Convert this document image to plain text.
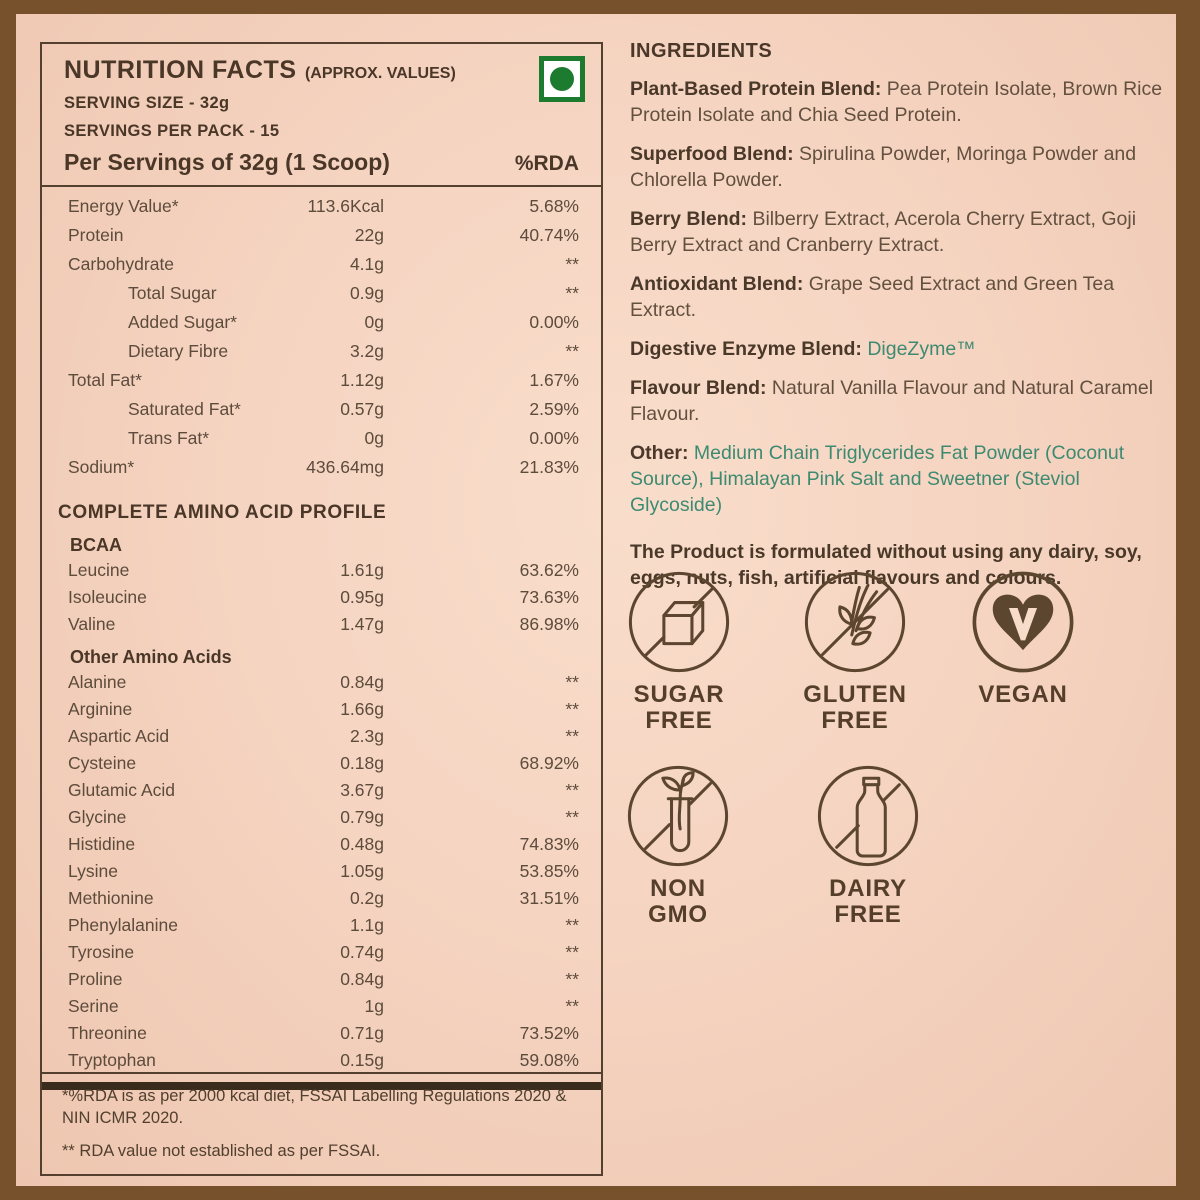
NUTRITION FACTS (APPROX. VALUES)
SERVING SIZE - 32g
SERVINGS PER PACK - 15
Per Servings of 32g (1 Scoop)	%RDA
Energy Value*	113.6Kcal	5.68%
Protein	22g	40.74%
Carbohydrate	4.1g	**
Total Sugar	0.9g	**
Added Sugar*	0g	0.00%
Dietary Fibre	3.2g	**
Total Fat*	1.12g	1.67%
Saturated Fat*	0.57g	2.59%
Trans Fat*	0g	0.00%
Sodium*	436.64mg	21.83%
COMPLETE AMINO ACID PROFILE
BCAA
Leucine	1.61g	63.62%
Isoleucine	0.95g	73.63%
Valine	1.47g	86.98%
Other Amino Acids
Alanine	0.84g	**
Arginine	1.66g	**
Aspartic Acid	2.3g	**
Cysteine	0.18g	68.92%
Glutamic Acid	3.67g	**
Glycine	0.79g	**
Histidine	0.48g	74.83%
Lysine	1.05g	53.85%
Methionine	0.2g	31.51%
Phenylalanine	1.1g	**
Tyrosine	0.74g	**
Proline	0.84g	**
Serine	1g	**
Threonine	0.71g	73.52%
Tryptophan	0.15g	59.08%

*%RDA is as per 2000 kcal diet, FSSAI Labelling Regulations 2020 & NIN ICMR 2020.

** RDA value not established as per FSSAI.

INGREDIENTS

Plant-Based Protein Blend: Pea Protein Isolate, Brown Rice Protein Isolate and Chia Seed Protein.

Superfood Blend: Spirulina Powder, Moringa Powder and Chlorella Powder.

Berry Blend: Bilberry Extract, Acerola Cherry Extract, Goji Berry Extract and Cranberry Extract.

Antioxidant Blend: Grape Seed Extract and Green Tea Extract.

Digestive Enzyme Blend: DigeZyme™

Flavour Blend: Natural Vanilla Flavour and Natural Caramel Flavour.

Other: Medium Chain Triglycerides Fat Powder (Coconut Source), Himalayan Pink Salt and Sweetner (Steviol Glycoside)

The Product is formulated without using any dairy, soy, eggs, nuts, fish, artificial flavours and colours.

SUGAR
FREE
GLUTEN
FREE
VEGAN
NON
GMO
DAIRY
FREE
